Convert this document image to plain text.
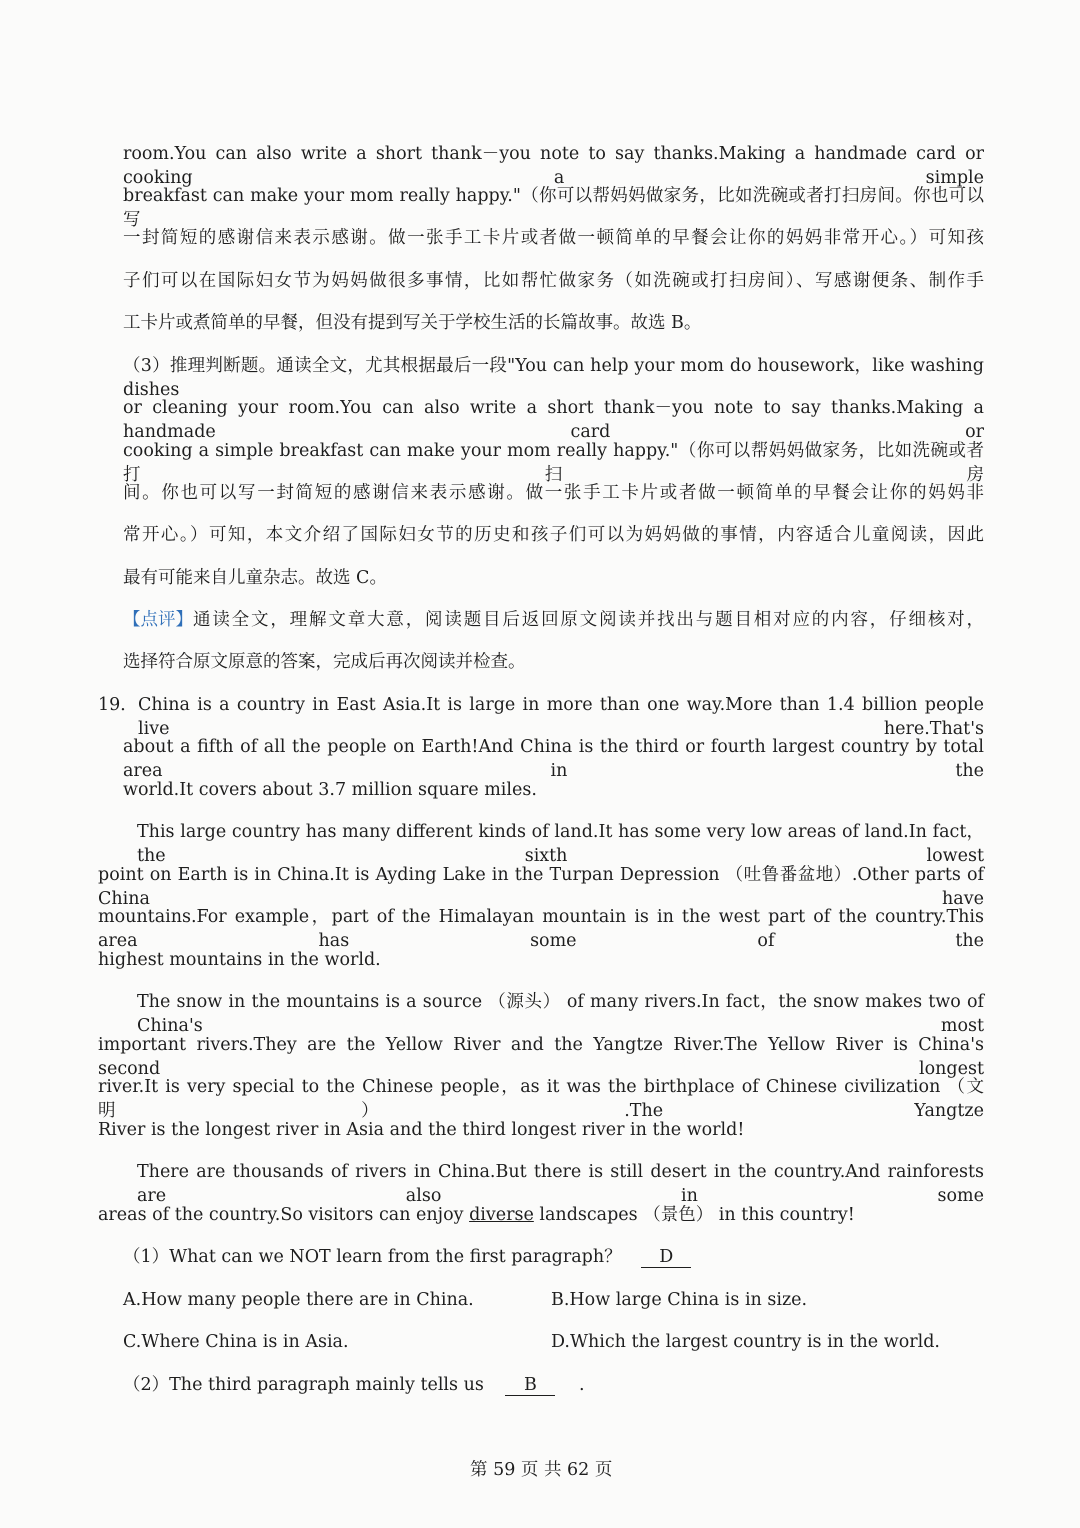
room.You can also write a short thank－you note to say thanks.Making a handmade card or cooking a simple
breakfast can make your mom really happy."（你可以帮妈妈做家务，比如洗碗或者打扫房间。你也可以写
一封简短的感谢信来表示感谢。做一张手工卡片或者做一顿简单的早餐会让你的妈妈非常开心。）可知孩
子们可以在国际妇女节为妈妈做很多事情，比如帮忙做家务（如洗碗或打扫房间）、写感谢便条、制作手
工卡片或煮简单的早餐，但没有提到写关于学校生活的长篇故事。故选 B。
（3）推理判断题。通读全文，尤其根据最后一段"You can help your mom do housework，like washing dishes
or cleaning your room.You can also write a short thank－you note to say thanks.Making a handmade card or
cooking a simple breakfast can make your mom really happy."（你可以帮妈妈做家务，比如洗碗或者打扫房
间。你也可以写一封简短的感谢信来表示感谢。做一张手工卡片或者做一顿简单的早餐会让你的妈妈非
常开心。）可知，本文介绍了国际妇女节的历史和孩子们可以为妈妈做的事情，内容适合儿童阅读，因此
最有可能来自儿童杂志。故选 C。
【点评】 通读全文，理解文章大意，阅读题目后返回原文阅读并找出与题目相对应的内容，仔细核对，
选择符合原文原意的答案，完成后再次阅读并检查。
19． China is a country in East Asia.It is large in more than one way.More than 1.4 billion people live here.That's
about a fifth of all the people on Earth!And China is the third or fourth largest country by total area in the
world.It covers about 3.7 million square miles.
This large country has many different kinds of land.It has some very low areas of land.In fact，the sixth lowest
point on Earth is in China.It is Ayding Lake in the Turpan Depression （吐鲁番盆地）.Other parts of China have
mountains.For example，part of the Himalayan mountain is in the west part of the country.This area has some of the
highest mountains in the world.
The snow in the mountains is a source （源头） of many rivers.In fact，the snow makes two of China's most
important rivers.They are the Yellow River and the Yangtze River.The Yellow River is China's second longest
river.It is very special to the Chinese people，as it was the birthplace of Chinese civilization （文明）.The Yangtze
River is the longest river in Asia and the third longest river in the world!
There are thousands of rivers in China.But there is still desert in the country.And rainforests are also in some
areas of the country.So visitors can enjoy diverse landscapes （景色） in this country!
（1）What can we NOT learn from the first paragraph？ D
A.How many people there are in China.	B.How large China is in size.
C.Where China is in Asia.	D.Which the largest country is in the world.
（2）The third paragraph mainly tells us B .
第 59 页 共 62 页
